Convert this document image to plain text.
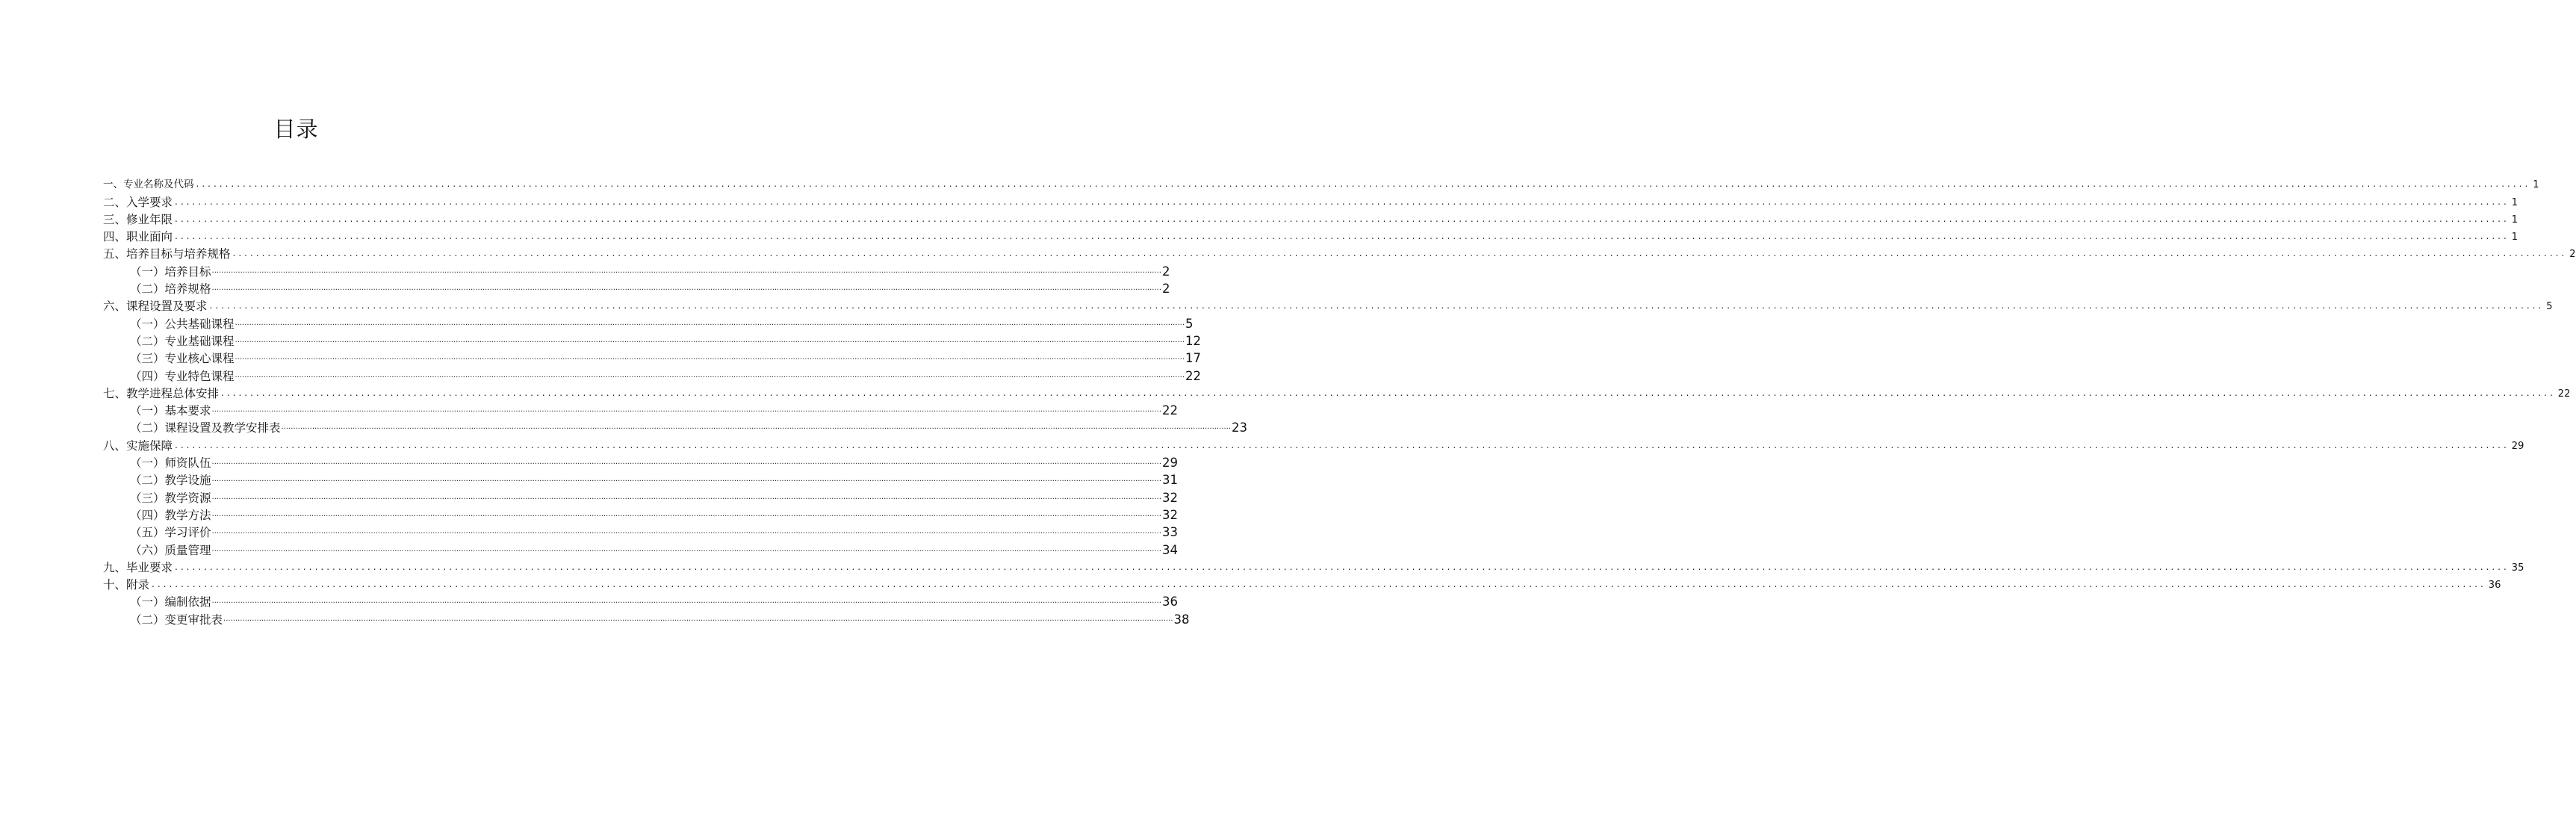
目录
一、专业名称及代码 ................................................................................................................................................................................................................................................................................................................................................................................................................ 1
二、入学要求 ................................................................................................................................................................................................................................................................................................................................................................................................................ 1
三、修业年限 ................................................................................................................................................................................................................................................................................................................................................................................................................ 1
四、职业面向 ................................................................................................................................................................................................................................................................................................................................................................................................................ 1
五、培养目标与培养规格 ................................................................................................................................................................................................................................................................................................................................................................................................................ 2
（一）培养目标 ................................................................................................................................................................................................................................................................................................................................................................................................................ 2
（二）培养规格 ................................................................................................................................................................................................................................................................................................................................................................................................................ 2
六、课程设置及要求 ................................................................................................................................................................................................................................................................................................................................................................................................................ 5
（一）公共基础课程 ................................................................................................................................................................................................................................................................................................................................................................................................................ 5
（二）专业基础课程 ................................................................................................................................................................................................................................................................................................................................................................................................................ 12
（三）专业核心课程 ................................................................................................................................................................................................................................................................................................................................................................................................................ 17
（四）专业特色课程 ................................................................................................................................................................................................................................................................................................................................................................................................................ 22
七、教学进程总体安排 ................................................................................................................................................................................................................................................................................................................................................................................................................ 22
（一）基本要求 ................................................................................................................................................................................................................................................................................................................................................................................................................ 22
（二）课程设置及教学安排表 ................................................................................................................................................................................................................................................................................................................................................................................................................ 23
八、实施保障 ................................................................................................................................................................................................................................................................................................................................................................................................................ 29
（一）师资队伍 ................................................................................................................................................................................................................................................................................................................................................................................................................ 29
（二）教学设施 ................................................................................................................................................................................................................................................................................................................................................................................................................ 31
（三）教学资源 ................................................................................................................................................................................................................................................................................................................................................................................................................ 32
（四）教学方法 ................................................................................................................................................................................................................................................................................................................................................................................................................ 32
（五）学习评价 ................................................................................................................................................................................................................................................................................................................................................................................................................ 33
（六）质量管理 ................................................................................................................................................................................................................................................................................................................................................................................................................ 34
九、毕业要求 ................................................................................................................................................................................................................................................................................................................................................................................................................ 35
十、附录 ................................................................................................................................................................................................................................................................................................................................................................................................................ 36
（一）编制依据 ................................................................................................................................................................................................................................................................................................................................................................................................................ 36
（二）变更审批表 ................................................................................................................................................................................................................................................................................................................................................................................................................ 38
